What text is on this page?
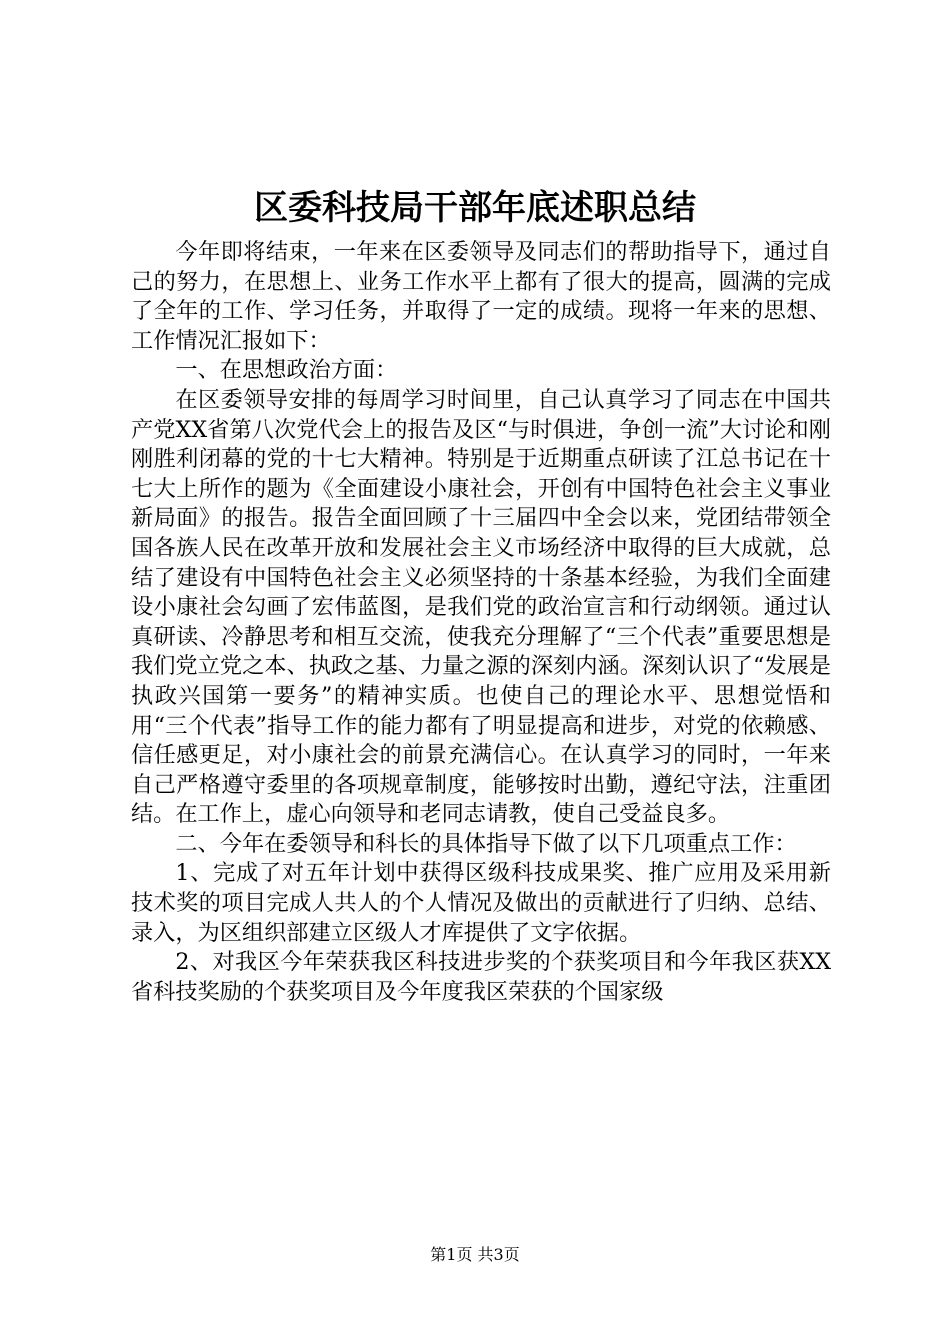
区委科技局干部年底述职总结

今年即将结束，一年来在区委领导及同志们的帮助指导下，通过自己的努力，在思想上、业务工作水平上都有了很大的提高，圆满的完成了全年的工作、学习任务，并取得了一定的成绩。现将一年来的思想、工作情况汇报如下：

一、在思想政治方面：

在区委领导安排的每周学习时间里，自己认真学习了同志在中国共产党XX省第八次党代会上的报告及区“与时俱进，争创一流”大讨论和刚刚胜利闭幕的党的十七大精神。特别是于近期重点研读了江总书记在十七大上所作的题为《全面建设小康社会，开创有中国特色社会主义事业新局面》的报告。报告全面回顾了十三届四中全会以来，党团结带领全国各族人民在改革开放和发展社会主义市场经济中取得的巨大成就，总结了建设有中国特色社会主义必须坚持的十条基本经验，为我们全面建设小康社会勾画了宏伟蓝图，是我们党的政治宣言和行动纲领。通过认真研读、冷静思考和相互交流，使我充分理解了“三个代表”重要思想是我们党立党之本、执政之基、力量之源的深刻内涵。深刻认识了“发展是执政兴国第一要务”的精神实质。也使自己的理论水平、思想觉悟和用“三个代表”指导工作的能力都有了明显提高和进步，对党的依赖感、信任感更足，对小康社会的前景充满信心。在认真学习的同时，一年来自己严格遵守委里的各项规章制度，能够按时出勤，遵纪守法，注重团结。在工作上，虚心向领导和老同志请教，使自己受益良多。

二、今年在委领导和科长的具体指导下做了以下几项重点工作：

1、完成了对五年计划中获得区级科技成果奖、推广应用及采用新技术奖的项目完成人共人的个人情况及做出的贡献进行了归纳、总结、录入，为区组织部建立区级人才库提供了文字依据。

2、对我区今年荣获我区科技进步奖的个获奖项目和今年我区获XX省科技奖励的个获奖项目及今年度我区荣获的个国家级

第1页 共3页
